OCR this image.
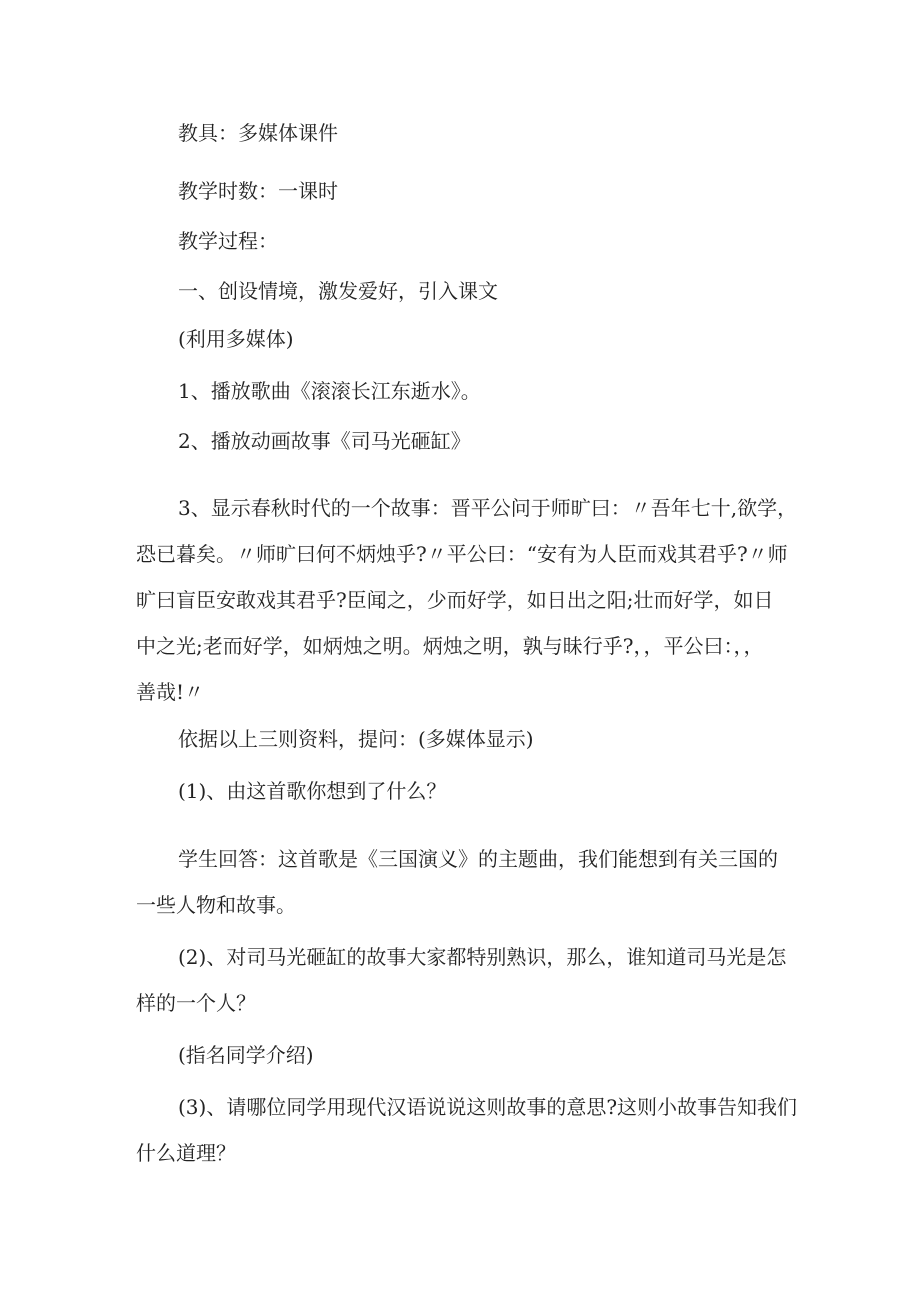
教具：多媒体课件

教学时数：一课时

教学过程：

一、创设情境，激发爱好，引入课文

(利用多媒体)

1、播放歌曲《滚滚长江东逝水》。

2、播放动画故事《司马光砸缸》

3、显示春秋时代的一个故事：晋平公问于师旷曰：〃吾年七十,欲学，
恐已暮矣。〃师旷曰何不炳烛乎?〃平公曰：“安有为人臣而戏其君乎?〃师
旷曰盲臣安敢戏其君乎?臣闻之，少而好学，如日出之阳;壮而好学，如日
中之光;老而好学，如炳烛之明。炳烛之明，孰与昧行乎?，，平公曰：，，
善哉!〃

依据以上三则资料，提问：(多媒体显示)

(1)、由这首歌你想到了什么？

学生回答：这首歌是《三国演义》的主题曲，我们能想到有关三国的
一些人物和故事。
(2)、对司马光砸缸的故事大家都特别熟识，那么，谁知道司马光是怎
样的一个人？

(指名同学介绍)

(3)、请哪位同学用现代汉语说说这则故事的意思?这则小故事告知我们
什么道理？
